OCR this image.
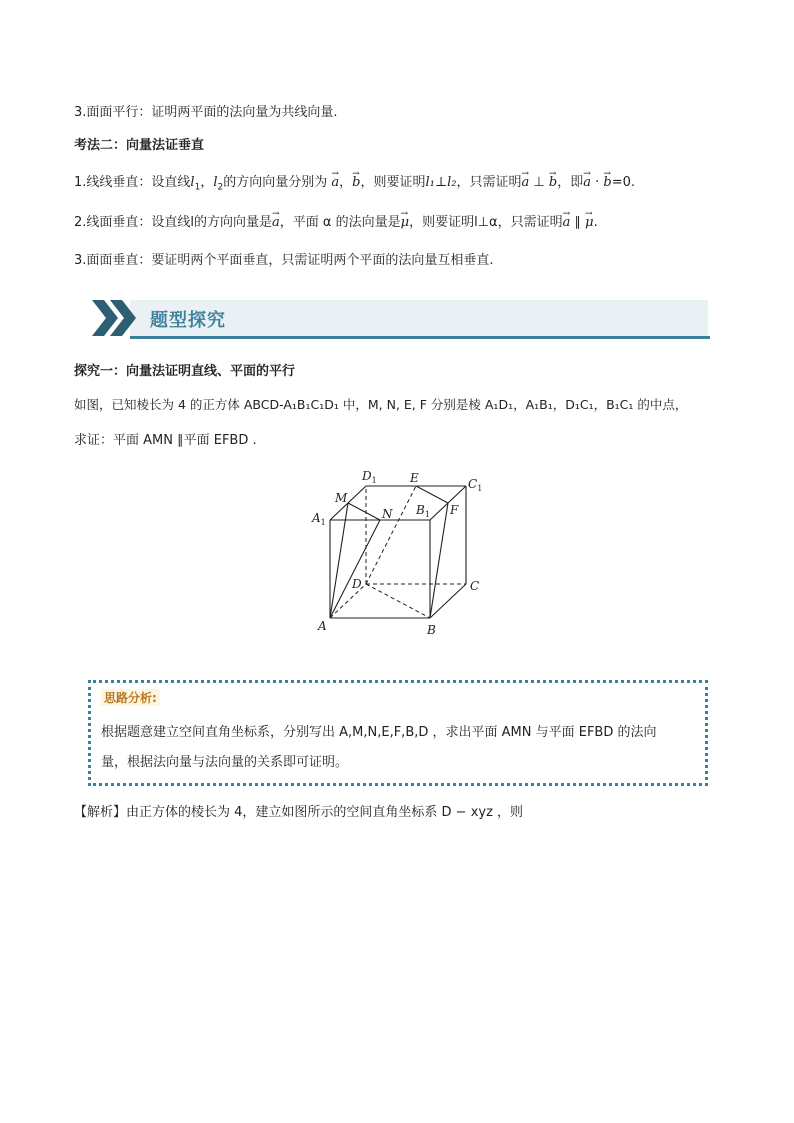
3.面面平行：证明两平面的法向量为共线向量.
考法二：向量法证垂直
1.线线垂直：设直线$l_1$，$l_2$的方向向量分别为 → a，→ b，则要证明l₁⊥l₂，只需证明→ a ⊥ → b，即→ a · → b=0.
2.线面垂直：设直线l的方向向量是→ a，平面 α 的法向量是→ μ，则要证明l⊥α，只需证明→ a ∥ → μ.
3.面面垂直：要证明两个平面垂直，只需证明两个平面的法向量互相垂直.
题型探究
探究一：向量法证明直线、平面的平行
如图，已知棱长为 4 的正方体 ABCD-A₁B₁C₁D₁ 中，M, N, E, F 分别是棱 A₁D₁，A₁B₁，D₁C₁，B₁C₁ 的中点，
求证：平面 AMN ∥平面 EFBD .
A	B
C
D
$A_1$
$B_1$
$C_1$
$D_1$
M
N
E
F
思路分析:
根据题意建立空间直角坐标系，分别写出 A,M,N,E,F,B,D ，求出平面 AMN 与平面 EFBD 的法向
量，根据法向量与法向量的关系即可证明。
【解析】由正方体的棱长为 4，建立如图所示的空间直角坐标系 D − xyz ，则
